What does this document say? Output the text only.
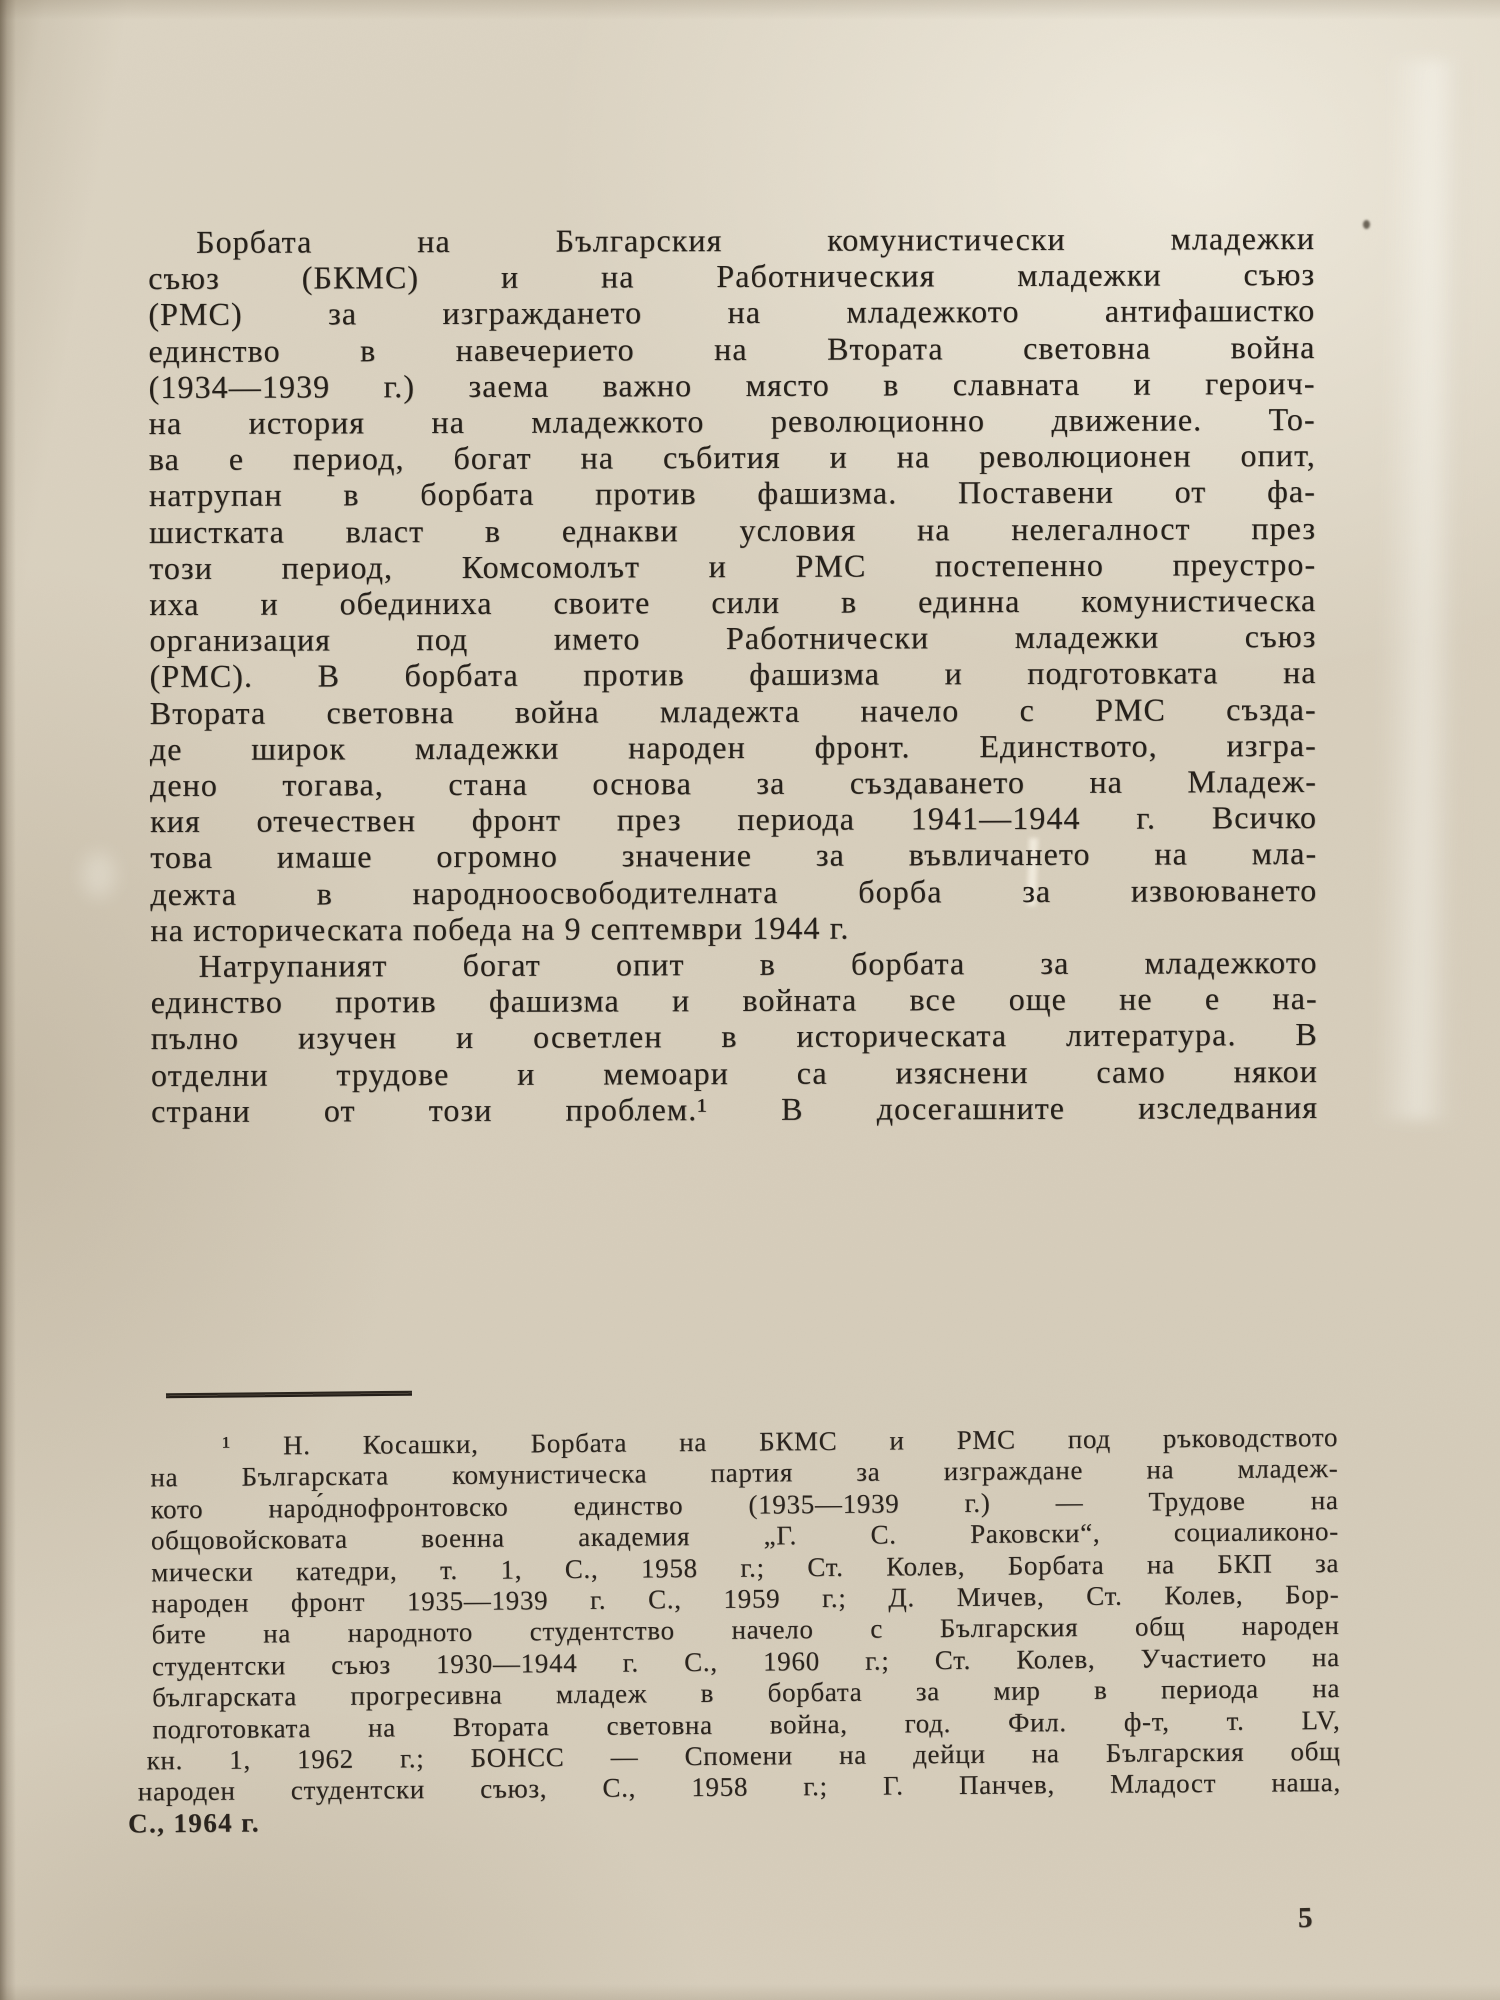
Борбата на Българския комунистически младежки
съюз (БКМС) и на Работническия младежки съюз
(РМС) за изграждането на младежкото антифашистко
единство в навечерието на Втората световна война
(1934—1939 г.) заема важно място в славната и героич-
на история на младежкото революционно движение. То-
ва е период, богат на събития и на революционен опит,
натрупан в борбата против фашизма. Поставени от фа-
шистката власт в еднакви условия на нелегалност през
този период, Комсомолът и РМС постепенно преустро-
иха и обединиха своите сили в единна комунистическа
организация под името Работнически младежки съюз
(РМС). В борбата против фашизма и подготовката на
Втората световна война младежта начело с РМС създа-
де широк младежки народен фронт. Единството, изгра-
дено тогава, стана основа за създаването на Младеж-
кия отечествен фронт през периода 1941—1944 г. Всичко
това имаше огромно значение за въвличането на мла-
дежта в народноосвободителната борба за извоюването
на историческата победа на 9 септември 1944 г.
Натрупаният богат опит в борбата за младежкото
единство против фашизма и войната все още не е на-
пълно изучен и осветлен в историческата литература. В
отделни трудове и мемоари са изяснени само някои
страни от този проблем.¹ В досегашните изследвания
¹ Н. Косашки, Борбата на БКМС и РМС под ръководството
на Българската комунистическа партия за изграждане на младеж-
кото наро́днофронтовско единство (1935—1939 г.) — Трудове на
общовойсковата военна академия „Г. С. Раковски“, социаликоно-
мически катедри, т. 1, С., 1958 г.; Ст. Колев, Борбата на БКП за
народен фронт 1935—1939 г. С., 1959 г.; Д. Мичев, Ст. Колев, Бор-
бите на народното студентство начело с Българския общ народен
студентски съюз 1930—1944 г. С., 1960 г.; Ст. Колев, Участието на
българската прогресивна младеж в борбата за мир в периода на
подготовката на Втората световна война, год. Фил. ф-т, т. LV,
кн. 1, 1962 г.; БОНСС — Спомени на дейци на Българския общ
народен студентски съюз, С., 1958 г.; Г. Панчев, Младост наша,
С., 1964 г.
5
